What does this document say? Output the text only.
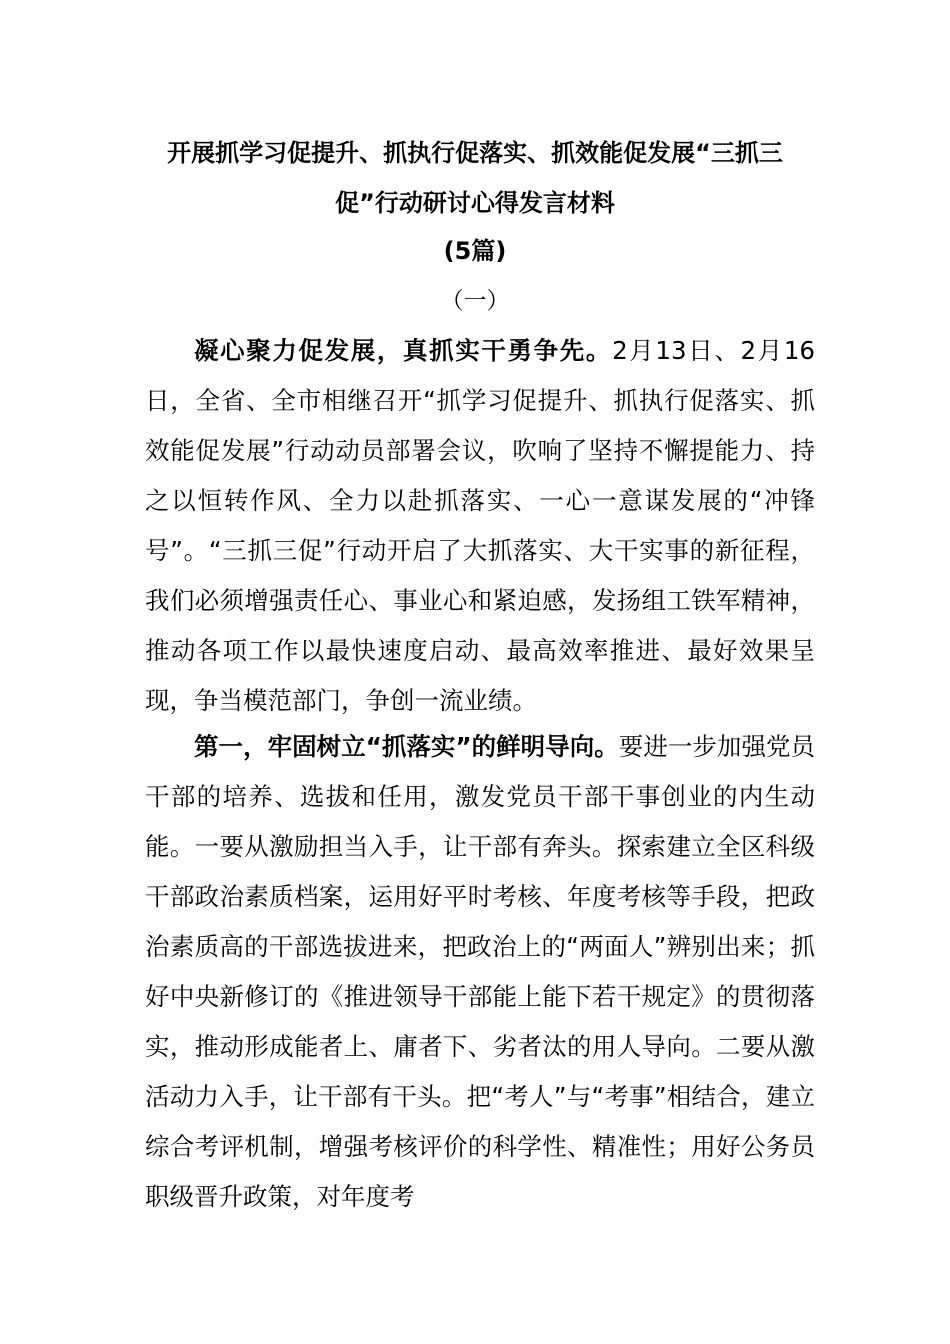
开展抓学习促提升、抓执行促落实、抓效能促发展“三抓三
促”行动研讨心得发言材料
(5篇)
（一）

凝心聚力促发展，真抓实干勇争先。2月13日、2月16日，全省、全市相继召开“抓学习促提升、抓执行促落实、抓效能促发展”行动动员部署会议，吹响了坚持不懈提能力、持之以恒转作风、全力以赴抓落实、一心一意谋发展的“冲锋号”。“三抓三促”行动开启了大抓落实、大干实事的新征程，我们必须增强责任心、事业心和紧迫感，发扬组工铁军精神，推动各项工作以最快速度启动、最高效率推进、最好效果呈现，争当模范部门，争创一流业绩。

第一，牢固树立“抓落实”的鲜明导向。要进一步加强党员干部的培养、选拔和任用，激发党员干部干事创业的内生动能。一要从激励担当入手，让干部有奔头。探索建立全区科级干部政治素质档案，运用好平时考核、年度考核等手段，把政治素质高的干部选拔进来，把政治上的“两面人”辨别出来；抓好中央新修订的《推进领导干部能上能下若干规定》的贯彻落实，推动形成能者上、庸者下、劣者汰的用人导向。二要从激活动力入手，让干部有干头。把“考人”与“考事”相结合，建立综合考评机制，增强考核评价的科学性、精准性；用好公务员职级晋升政策，对年度考
